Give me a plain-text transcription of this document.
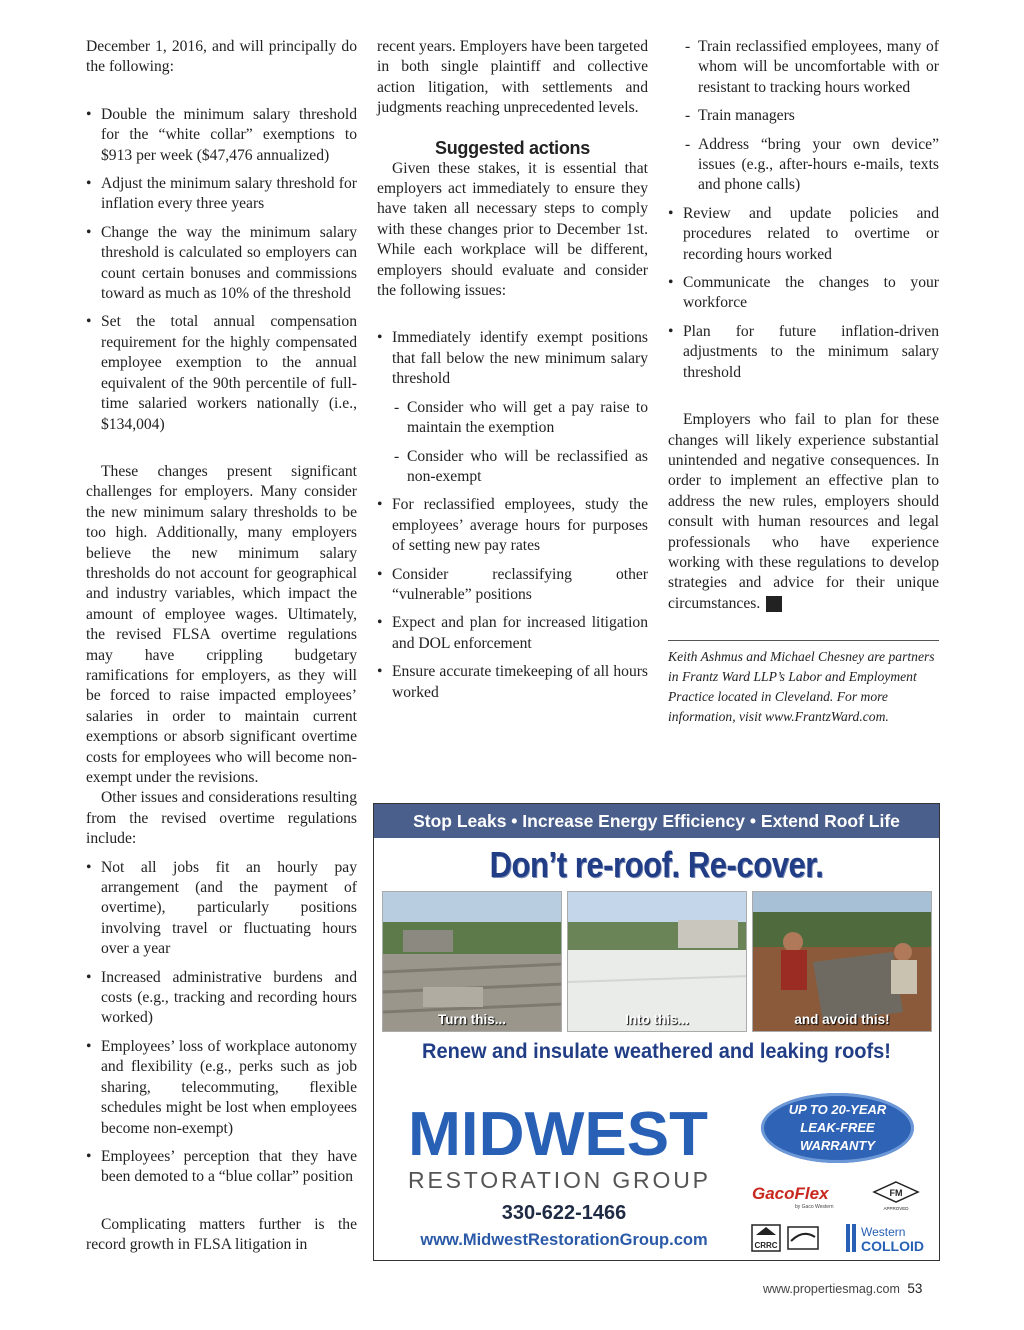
December 1, 2016, and will principally do the following:

• Double the minimum salary threshold for the “white collar” exemptions to $913 per week ($47,476 annualized)
• Adjust the minimum salary threshold for inflation every three years
• Change the way the minimum salary threshold is calculated so employers can count certain bonuses and commissions toward as much as 10% of the threshold
• Set the total annual compensation requirement for the highly compensated employee exemption to the annual equivalent of the 90th percentile of full-time salaried workers nationally (i.e., $134,004)

These changes present significant challenges for employers. Many consider the new minimum salary thresholds to be too high. Additionally, many employers believe the new minimum salary thresholds do not account for geographical and industry variables, which impact the amount of employee wages. Ultimately, the revised FLSA overtime regulations may have crippling budgetary ramifications for employers, as they will be forced to raise impacted employees’ salaries in order to maintain current exemptions or absorb significant overtime costs for employees who will become non-exempt under the revisions.

Other issues and considerations resulting from the revised overtime regulations include:

• Not all jobs fit an hourly pay arrangement (and the payment of overtime), particularly positions involving travel or fluctuating hours over a year
• Increased administrative burdens and costs (e.g., tracking and recording hours worked)
• Employees’ loss of workplace autonomy and flexibility (e.g., perks such as job sharing, telecommuting, flexible schedules might be lost when employees become non-exempt)
• Employees’ perception that they have been demoted to a “blue collar” position

Complicating matters further is the record growth in FLSA litigation in

recent years. Employers have been targeted in both single plaintiff and collective action litigation, with settlements and judgments reaching unprecedented levels.

Suggested actions

Given these stakes, it is essential that employers act immediately to ensure they have taken all necessary steps to comply with these changes prior to December 1st. While each workplace will be different, employers should evaluate and consider the following issues:

• Immediately identify exempt positions that fall below the new minimum salary threshold
- Consider who will get a pay raise to maintain the exemption
- Consider who will be reclassified as non-exempt
• For reclassified employees, study the employees’ average hours for purposes of setting new pay rates
• Consider reclassifying other “vulnerable” positions
• Expect and plan for increased litigation and DOL enforcement
• Ensure accurate timekeeping of all hours worked
- Train reclassified employees, many of whom will be uncomfortable with or resistant to tracking hours worked
- Train managers
- Address “bring your own device” issues (e.g., after-hours e-mails, texts and phone calls)
• Review and update policies and procedures related to overtime or recording hours worked
• Communicate the changes to your workforce
• Plan for future inflation-driven adjustments to the minimum salary threshold

Employers who fail to plan for these changes will likely experience substantial unintended and negative consequences. In order to implement an effective plan to address the new rules, employers should consult with human resources and legal professionals who have experience working with these regulations to develop strategies and advice for their unique circumstances. P

Keith Ashmus and Michael Chesney are partners in Frantz Ward LLP’s Labor and Employment Practice located in Cleveland. For more information, visit www.FrantzWard.com.

Stop Leaks • Increase Energy Efficiency • Extend Roof Life
Don’t re-roof. Re-cover.
Turn this...	Into this...	and avoid this!
Renew and insulate weathered and leaking roofs!
MIDWEST
RESTORATION GROUP
UP TO 20-YEAR
LEAK-FREE
WARRANTY
GacoFlex
by Gaco Western
FM
APPROVED
CRRC
Western
COLLOID
330-622-1466
www.MidwestRestorationGroup.com
www.propertiesmag.com 53
